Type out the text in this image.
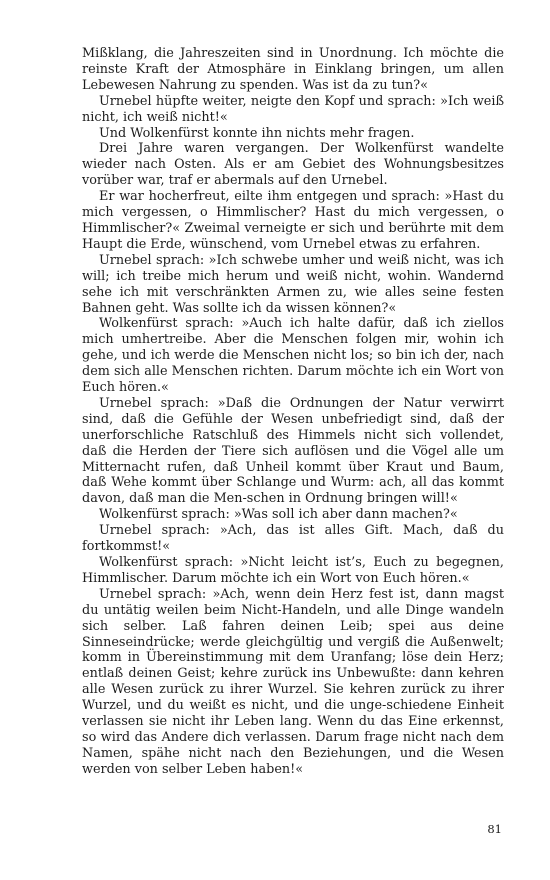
Mißklang, die Jahreszeiten sind in Unordnung. Ich möchte die reinste Kraft der Atmosphäre in Einklang bringen, um allen Lebewesen Nahrung zu spenden. Was ist da zu tun?«

Urnebel hüpfte weiter, neigte den Kopf und sprach: »Ich weiß nicht, ich weiß nicht!«

Und Wolkenfürst konnte ihn nichts mehr fragen.

Drei Jahre waren vergangen. Der Wolkenfürst wandelte wieder nach Osten. Als er am Gebiet des Wohnungsbesitzes vorüber war, traf er abermals auf den Urnebel.

Er war hocherfreut, eilte ihm entgegen und sprach: »Hast du mich vergessen, o Himmlischer? Hast du mich vergessen, o Himmlischer?« Zweimal verneigte er sich und berührte mit dem Haupt die Erde, wünschend, vom Urnebel etwas zu erfahren.

Urnebel sprach: »Ich schwebe umher und weiß nicht, was ich will; ich treibe mich herum und weiß nicht, wohin. Wandernd sehe ich mit verschränkten Armen zu, wie alles seine festen Bahnen geht. Was sollte ich da wissen können?«

Wolkenfürst sprach: »Auch ich halte dafür, daß ich ziellos mich umhertreibe. Aber die Menschen folgen mir, wohin ich gehe, und ich werde die Menschen nicht los; so bin ich der, nach dem sich alle Menschen richten. Darum möchte ich ein Wort von Euch hören.«

Urnebel sprach: »Daß die Ordnungen der Natur verwirrt sind, daß die Gefühle der Wesen unbefriedigt sind, daß der unerforschliche Ratschluß des Himmels nicht sich vollendet, daß die Herden der Tiere sich auflösen und die Vögel alle um Mitternacht rufen, daß Unheil kommt über Kraut und Baum, daß Wehe kommt über Schlange und Wurm: ach, all das kommt davon, daß man die Men-schen in Ordnung bringen will!«

Wolkenfürst sprach: »Was soll ich aber dann machen?«

Urnebel sprach: »Ach, das ist alles Gift. Mach, daß du fortkommst!«

Wolkenfürst sprach: »Nicht leicht ist’s, Euch zu begegnen, Himmlischer. Darum möchte ich ein Wort von Euch hören.«

Urnebel sprach: »Ach, wenn dein Herz fest ist, dann magst du untätig weilen beim Nicht-Handeln, und alle Dinge wandeln sich selber. Laß fahren deinen Leib; spei aus deine Sinneseindrücke; werde gleichgültig und vergiß die Außenwelt; komm in Übereinstimmung mit dem Uranfang; löse dein Herz; entlaß deinen Geist; kehre zurück ins Unbewußte: dann kehren alle Wesen zurück zu ihrer Wurzel. Sie kehren zurück zu ihrer Wurzel, und du weißt es nicht, und die unge-schiedene Einheit verlassen sie nicht ihr Leben lang. Wenn du das Eine erkennst, so wird das Andere dich verlassen. Darum frage nicht nach dem Namen, spähe nicht nach den Beziehungen, und die Wesen werden von selber Leben haben!«

81
